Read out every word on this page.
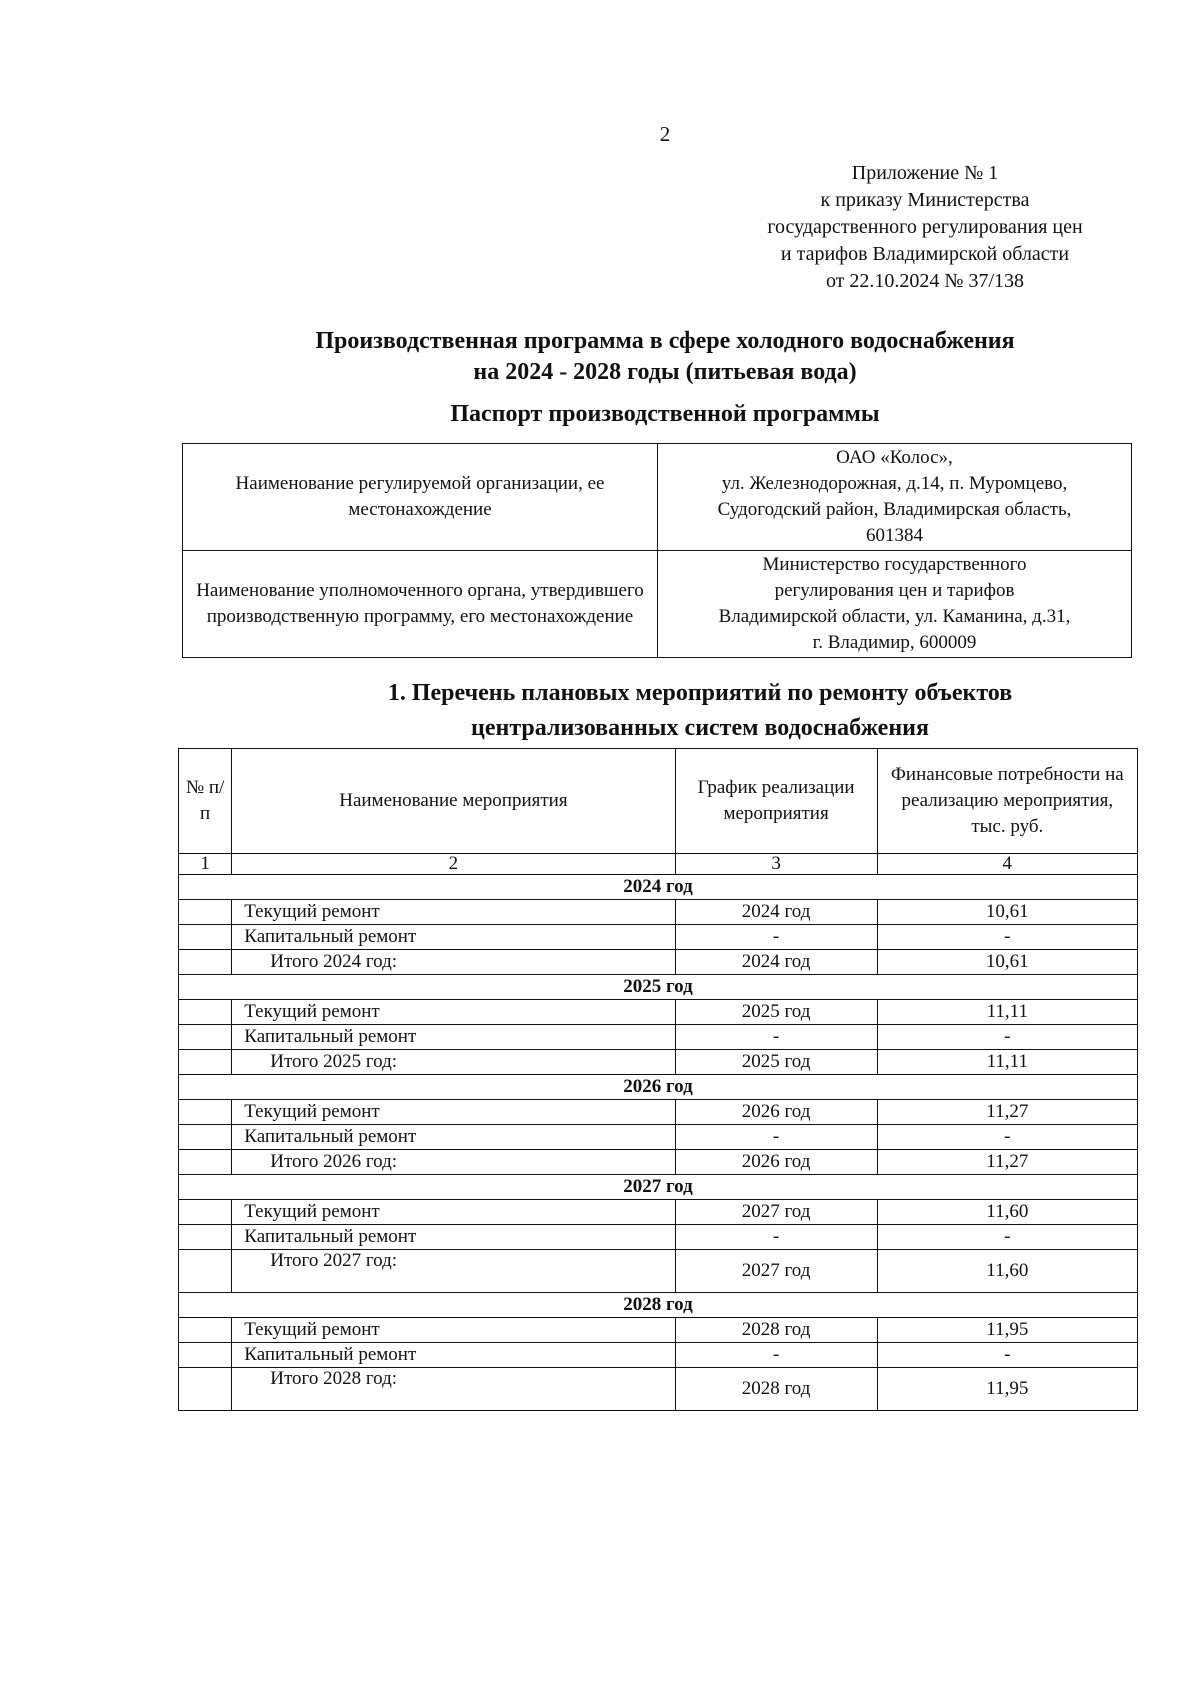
2
Приложение № 1
к приказу Министерства
государственного регулирования цен
и тарифов Владимирской области
от 22.10.2024 № 37/138
Производственная программа в сфере холодного водоснабжения
на 2024 - 2028 годы (питьевая вода)
Паспорт производственной программы
Наименование регулируемой организации, ее местонахождение	ОАО «Колос»,
ул. Железнодорожная, д.14, п. Муромцево,
Судогодский район, Владимирская область,
601384

Наименование уполномоченного органа, утвердившего производственную программу, его местонахождение	Министерство государственного
регулирования цен и тарифов
Владимирской области, ул. Каманина, д.31,
г. Владимир, 600009
1. Перечень плановых мероприятий по ремонту объектов
централизованных систем водоснабжения
№ п/п	Наименование мероприятия	График реализации мероприятия	Финансовые потребности на реализацию мероприятия, тыс. руб.
1	2	3	4
2024 год			
	Текущий ремонт	2024 год	10,61
	Капитальный ремонт	-	-
	Итого 2024 год:	2024 год	10,61
2025 год			
	Текущий ремонт	2025 год	11,11
	Капитальный ремонт	-	-
	Итого 2025 год:	2025 год	11,11
2026 год			
	Текущий ремонт	2026 год	11,27
	Капитальный ремонт	-	-
	Итого 2026 год:	2026 год	11,27
2027 год			
	Текущий ремонт	2027 год	11,60
	Капитальный ремонт	-	-
	Итого 2027 год:	2027 год	11,60
2028 год			
	Текущий ремонт	2028 год	11,95
	Капитальный ремонт	-	-
	Итого 2028 год:	2028 год	11,95
